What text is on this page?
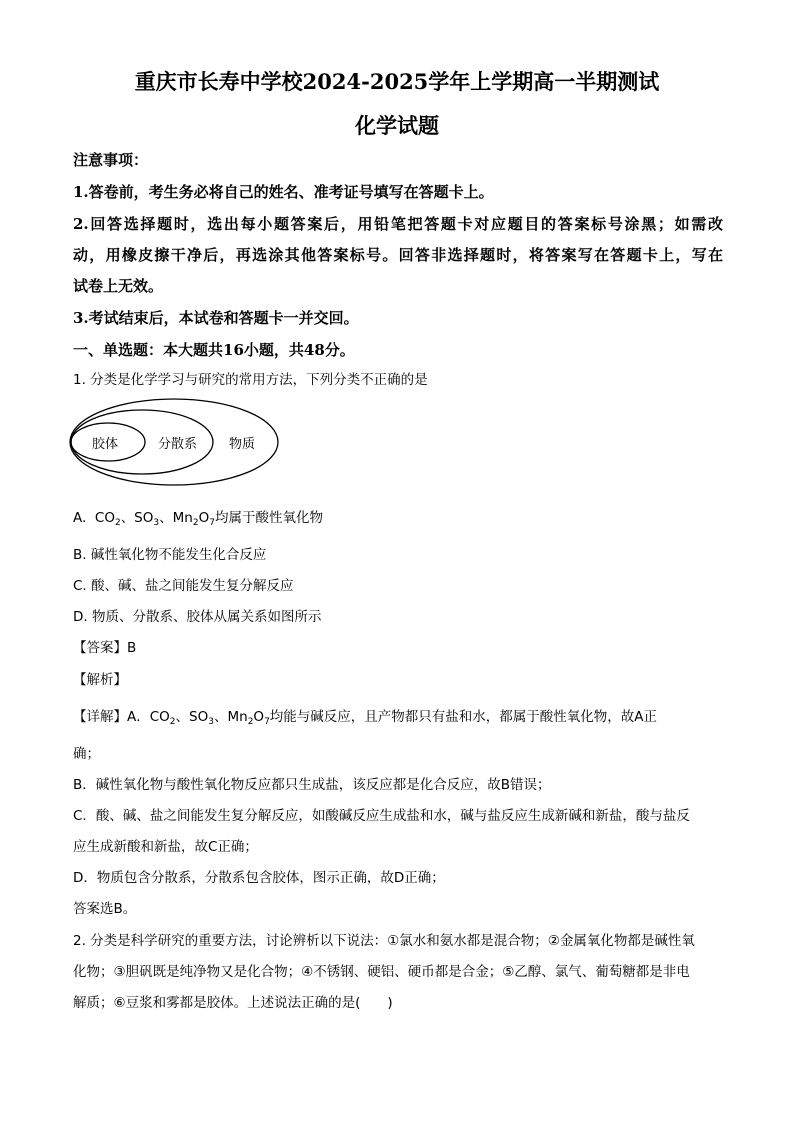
重庆市长寿中学校2024-2025学年上学期高一半期测试
化学试题
注意事项：
1.答卷前，考生务必将自己的姓名、准考证号填写在答题卡上。
2.回答选择题时，选出每小题答案后，用铅笔把答题卡对应题目的答案标号涂黑；如需改
动，用橡皮擦干净后，再选涂其他答案标号。回答非选择题时，将答案写在答题卡上，写在
试卷上无效。
3.考试结束后，本试卷和答题卡一并交回。
一、单选题：本大题共16小题，共48分。
1. 分类是化学学习与研究的常用方法，下列分类不正确的是
胶体	分散系 物质
A. $CO_2$、$SO_3$、$Mn_2O_7$均属于酸性氧化物
B. 碱性氧化物不能发生化合反应
C. 酸、碱、盐之间能发生复分解反应
D. 物质、分散系、胶体从属关系如图所示
【答案】B
【解析】
【详解】A．$CO_2$、$SO_3$、$Mn_2O_7$均能与碱反应，且产物都只有盐和水，都属于酸性氧化物，故A正
确；
B．碱性氧化物与酸性氧化物反应都只生成盐，该反应都是化合反应，故B错误；
C．酸、碱、盐之间能发生复分解反应，如酸碱反应生成盐和水，碱与盐反应生成新碱和新盐，酸与盐反
应生成新酸和新盐，故C正确；
D．物质包含分散系，分散系包含胶体，图示正确，故D正确；
答案选B。
2. 分类是科学研究的重要方法，讨论辨析以下说法：①氯水和氨水都是混合物；②金属氧化物都是碱性氧
化物；③胆矾既是纯净物又是化合物；④不锈钢、硬铝、硬币都是合金；⑤乙醇、氯气、葡萄糖都是非电
解质；⑥豆浆和雾都是胶体。上述说法正确的是(　　)
